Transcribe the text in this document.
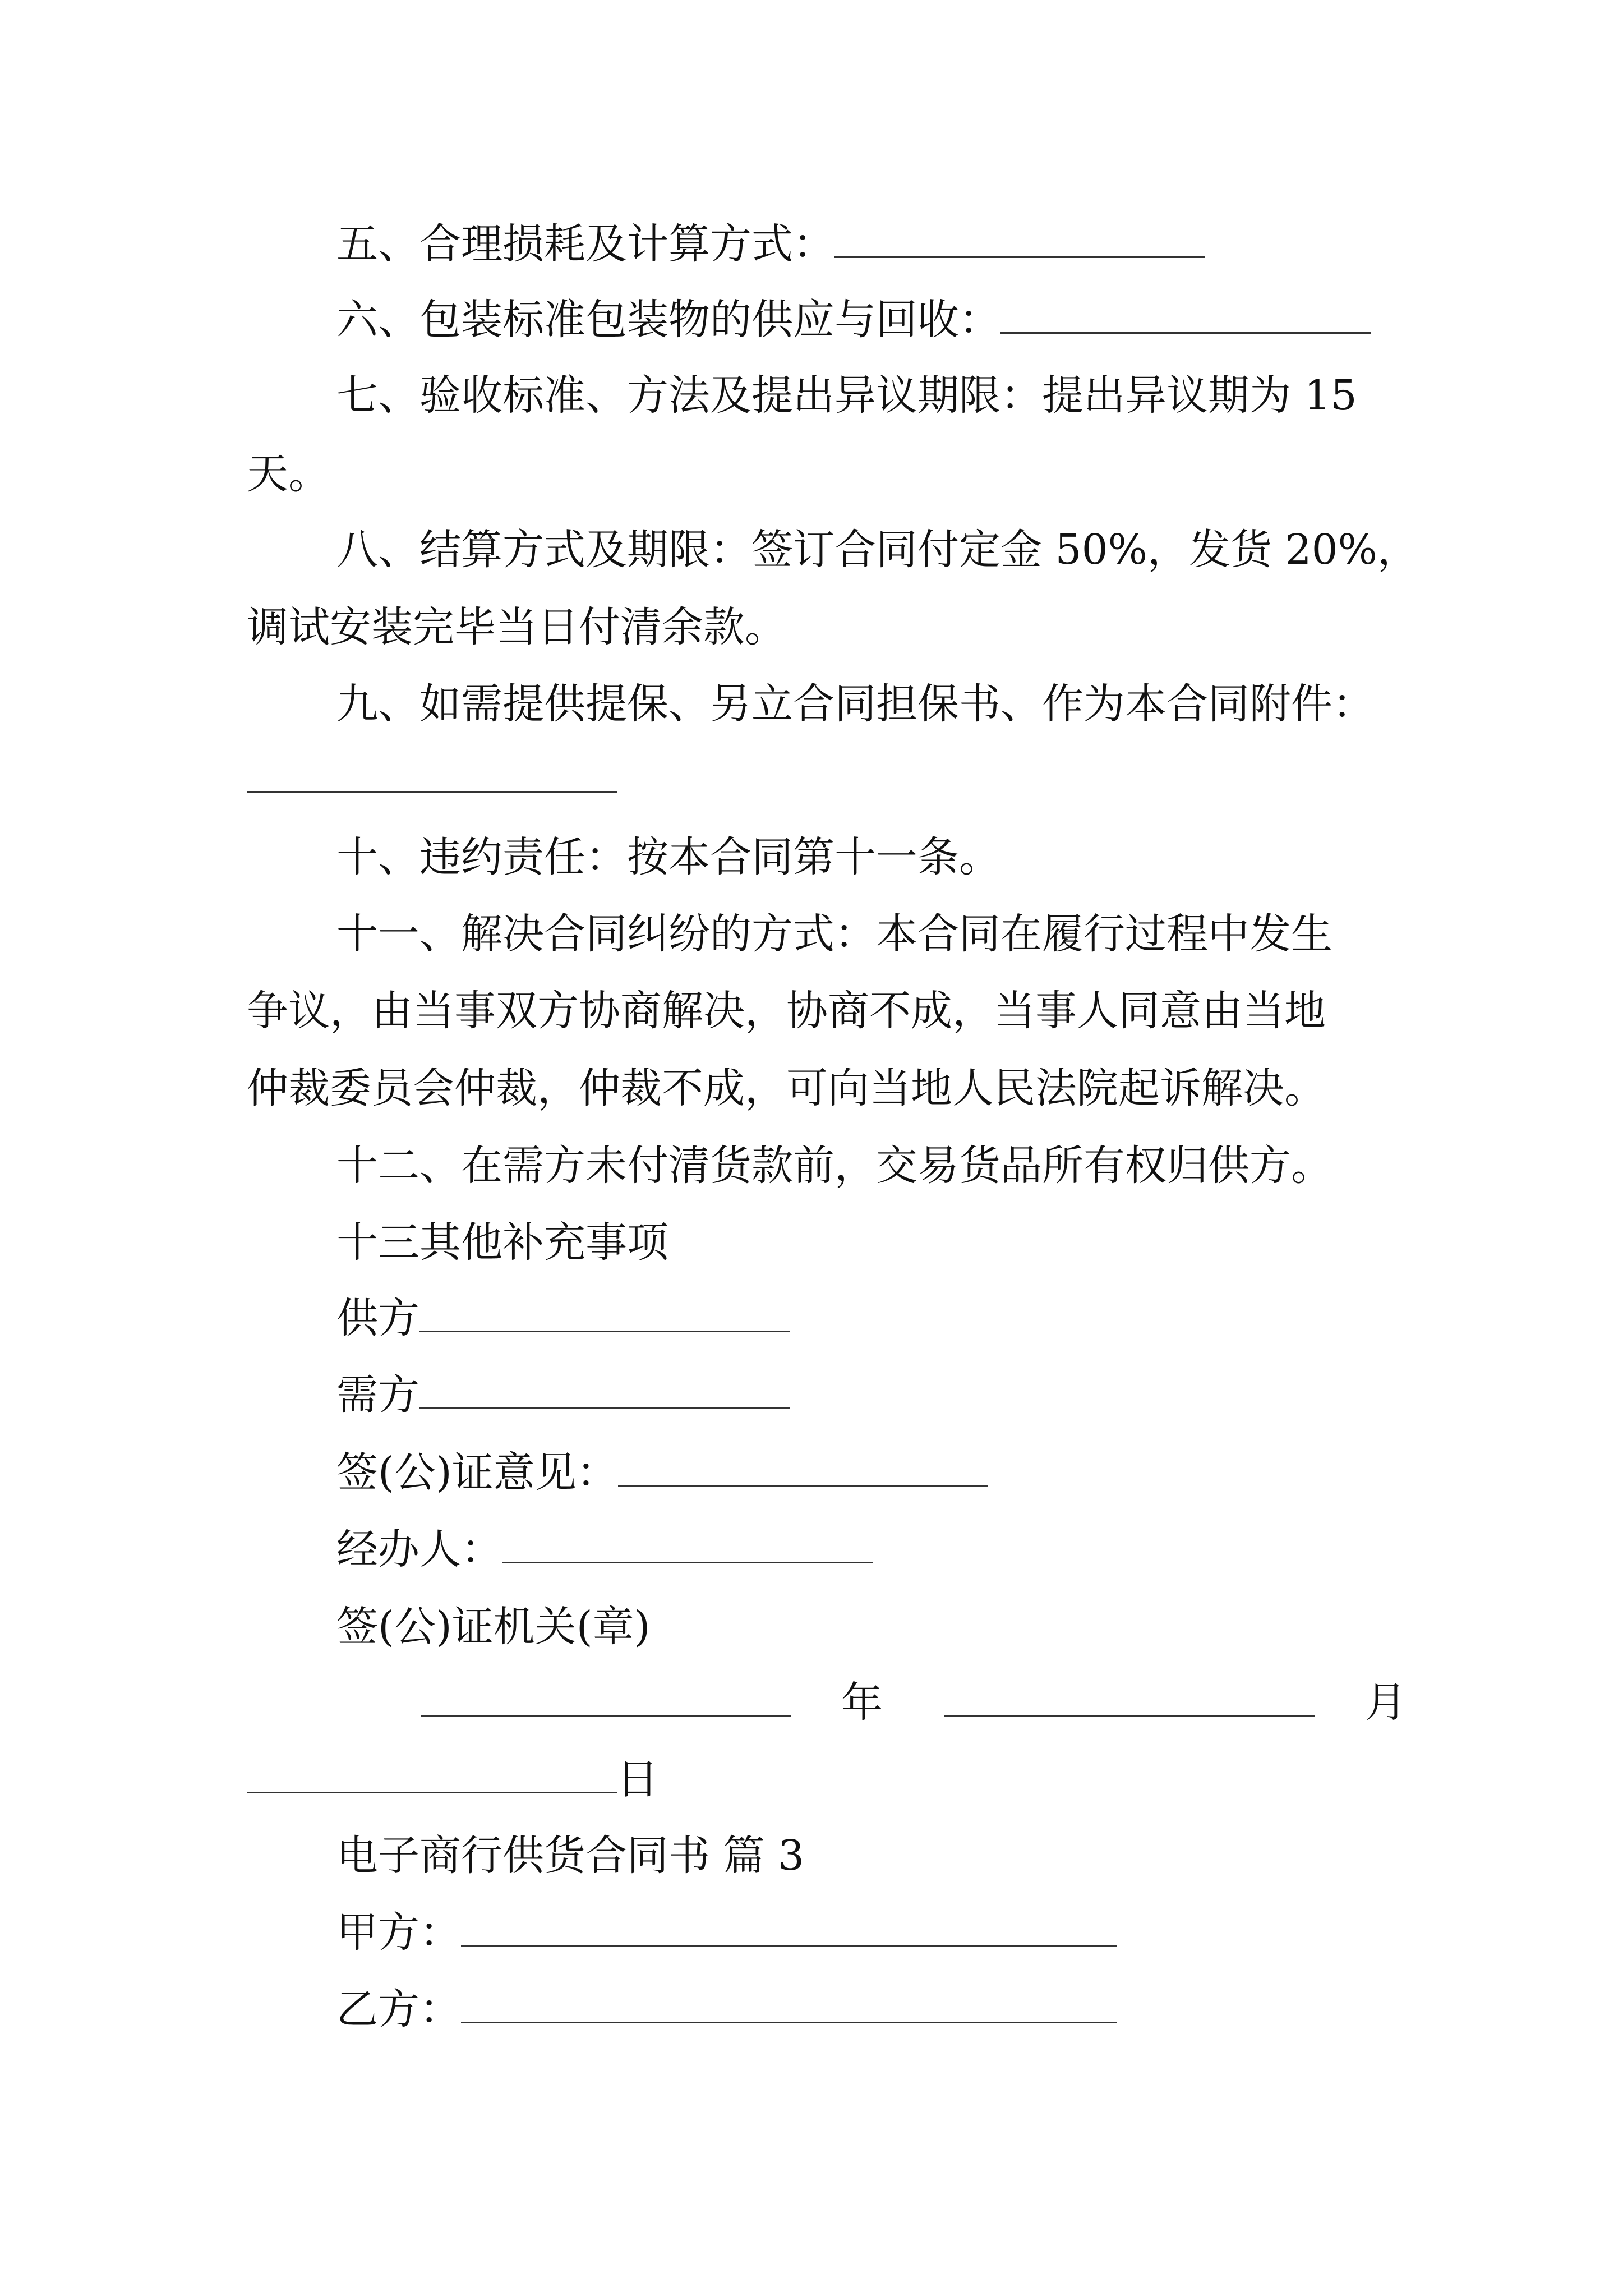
五、合理损耗及计算方式：
六、包装标准包装物的供应与回收：
七、验收标准、方法及提出异议期限：提出异议期为 15
天。
八、结算方式及期限：签订合同付定金 50%，发货 20%，
调试安装完毕当日付清余款。
九、如需提供提保、另立合同担保书、作为本合同附件：
十、违约责任：按本合同第十一条。
十一、解决合同纠纷的方式：本合同在履行过程中发生
争议，由当事双方协商解决，协商不成，当事人同意由当地
仲裁委员会仲裁，仲裁不成，可向当地人民法院起诉解决。
十二、在需方未付清货款前，交易货品所有权归供方。
十三其他补充事项
供方
需方
签(公)证意见：
经办人：
签(公)证机关(章)
年	月
日
电子商行供货合同书 篇 3
甲方：
乙方：
